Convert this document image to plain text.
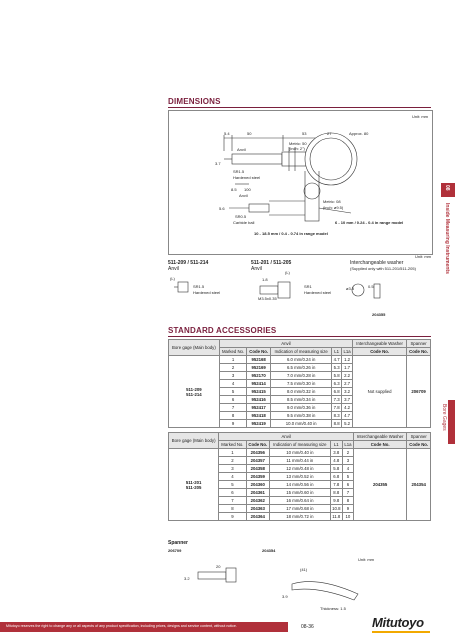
DIMENSIONS
Unit: mm
5.4	50	53	27	Approx. 80
Anvil
Metric: 50
(inch: 2")
3.7
SR1.5
Hardened steel
8.5 100
Anvil
5.6
SR0.5
Carbide ball
Metric: 08
(inch: ø9.5)
6 - 10 mm / 0.24 - 0.4 in range model
10 - 18.5 mm / 0.4 - 0.74 in range model
Unit: mm
511-209 / 511-214
Anvil
511-201 / 511-205
Anvil
Interchangeable washer
(Supplied only with 511-201/511-205)
(L)
SR1.5
Hardened steel
1.8
(L)
M3.5x0.35
SR1
Hardened steel
ø3.8	0.5
204355
STANDARD ACCESSORIES
Bore gage (Main body)	Anvil					Interchangeable Washer	Spanner
	Marked No.	Code No.	Indication of measuring size	L1	L1a	Code No.	Code No.
511-209
511-214	1	952168	6.0 mm/0.24 in	4.7	1.2	Not supplied	206709
	2	952169	6.5 mm/0.26 in	5.3	1.7		
	3	952170	7.0 mm/0.28 in	5.8	2.2		
	4	952414	7.5 mm/0.30 in	6.3	2.7		
	5	952415	8.0 mm/0.32 in	6.8	3.2		
	6	952416	8.5 mm/0.34 in	7.3	3.7		
	7	952417	9.0 mm/0.36 in	7.8	4.2		
	8	952418	9.5 mm/0.38 in	8.3	4.7		
	9	952419	10.0 mm/0.40 in	8.8	5.2		
Bore gage (Main body)	Anvil					Interchangeable Washer	Spanner
	Marked No.	Code No.	Indication of measuring size	L1	L1a	Code No.	Code No.
511-201
511-205	1	204356	10 mm/0.40 in	3.8	2	204355	204354
	2	204357	11 mm/0.44 in	4.8	3		
	3	204358	12 mm/0.48 in	5.8	4		
	4	204359	13 mm/0.52 in	6.8	5		
	5	204360	14 mm/0.56 in	7.8	6		
	6	204361	15 mm/0.60 in	8.8	7		
	7	204362	16 mm/0.64 in	9.8	8		
	8	204363	17 mm/0.68 in	10.8	9		
	9	204364	18 mm/0.72 in	11.8	10		
Spanner
206709	204354
Unit: mm
20
3.2
(41)
3.9
Thickness: 1.5
08
Inside Measuring Instruments
Bore Gages
Mitutoyo reserves the right to change any or all aspects of any product specification, including prices, designs and service content, without notice.	08-36	Mitutoyo
